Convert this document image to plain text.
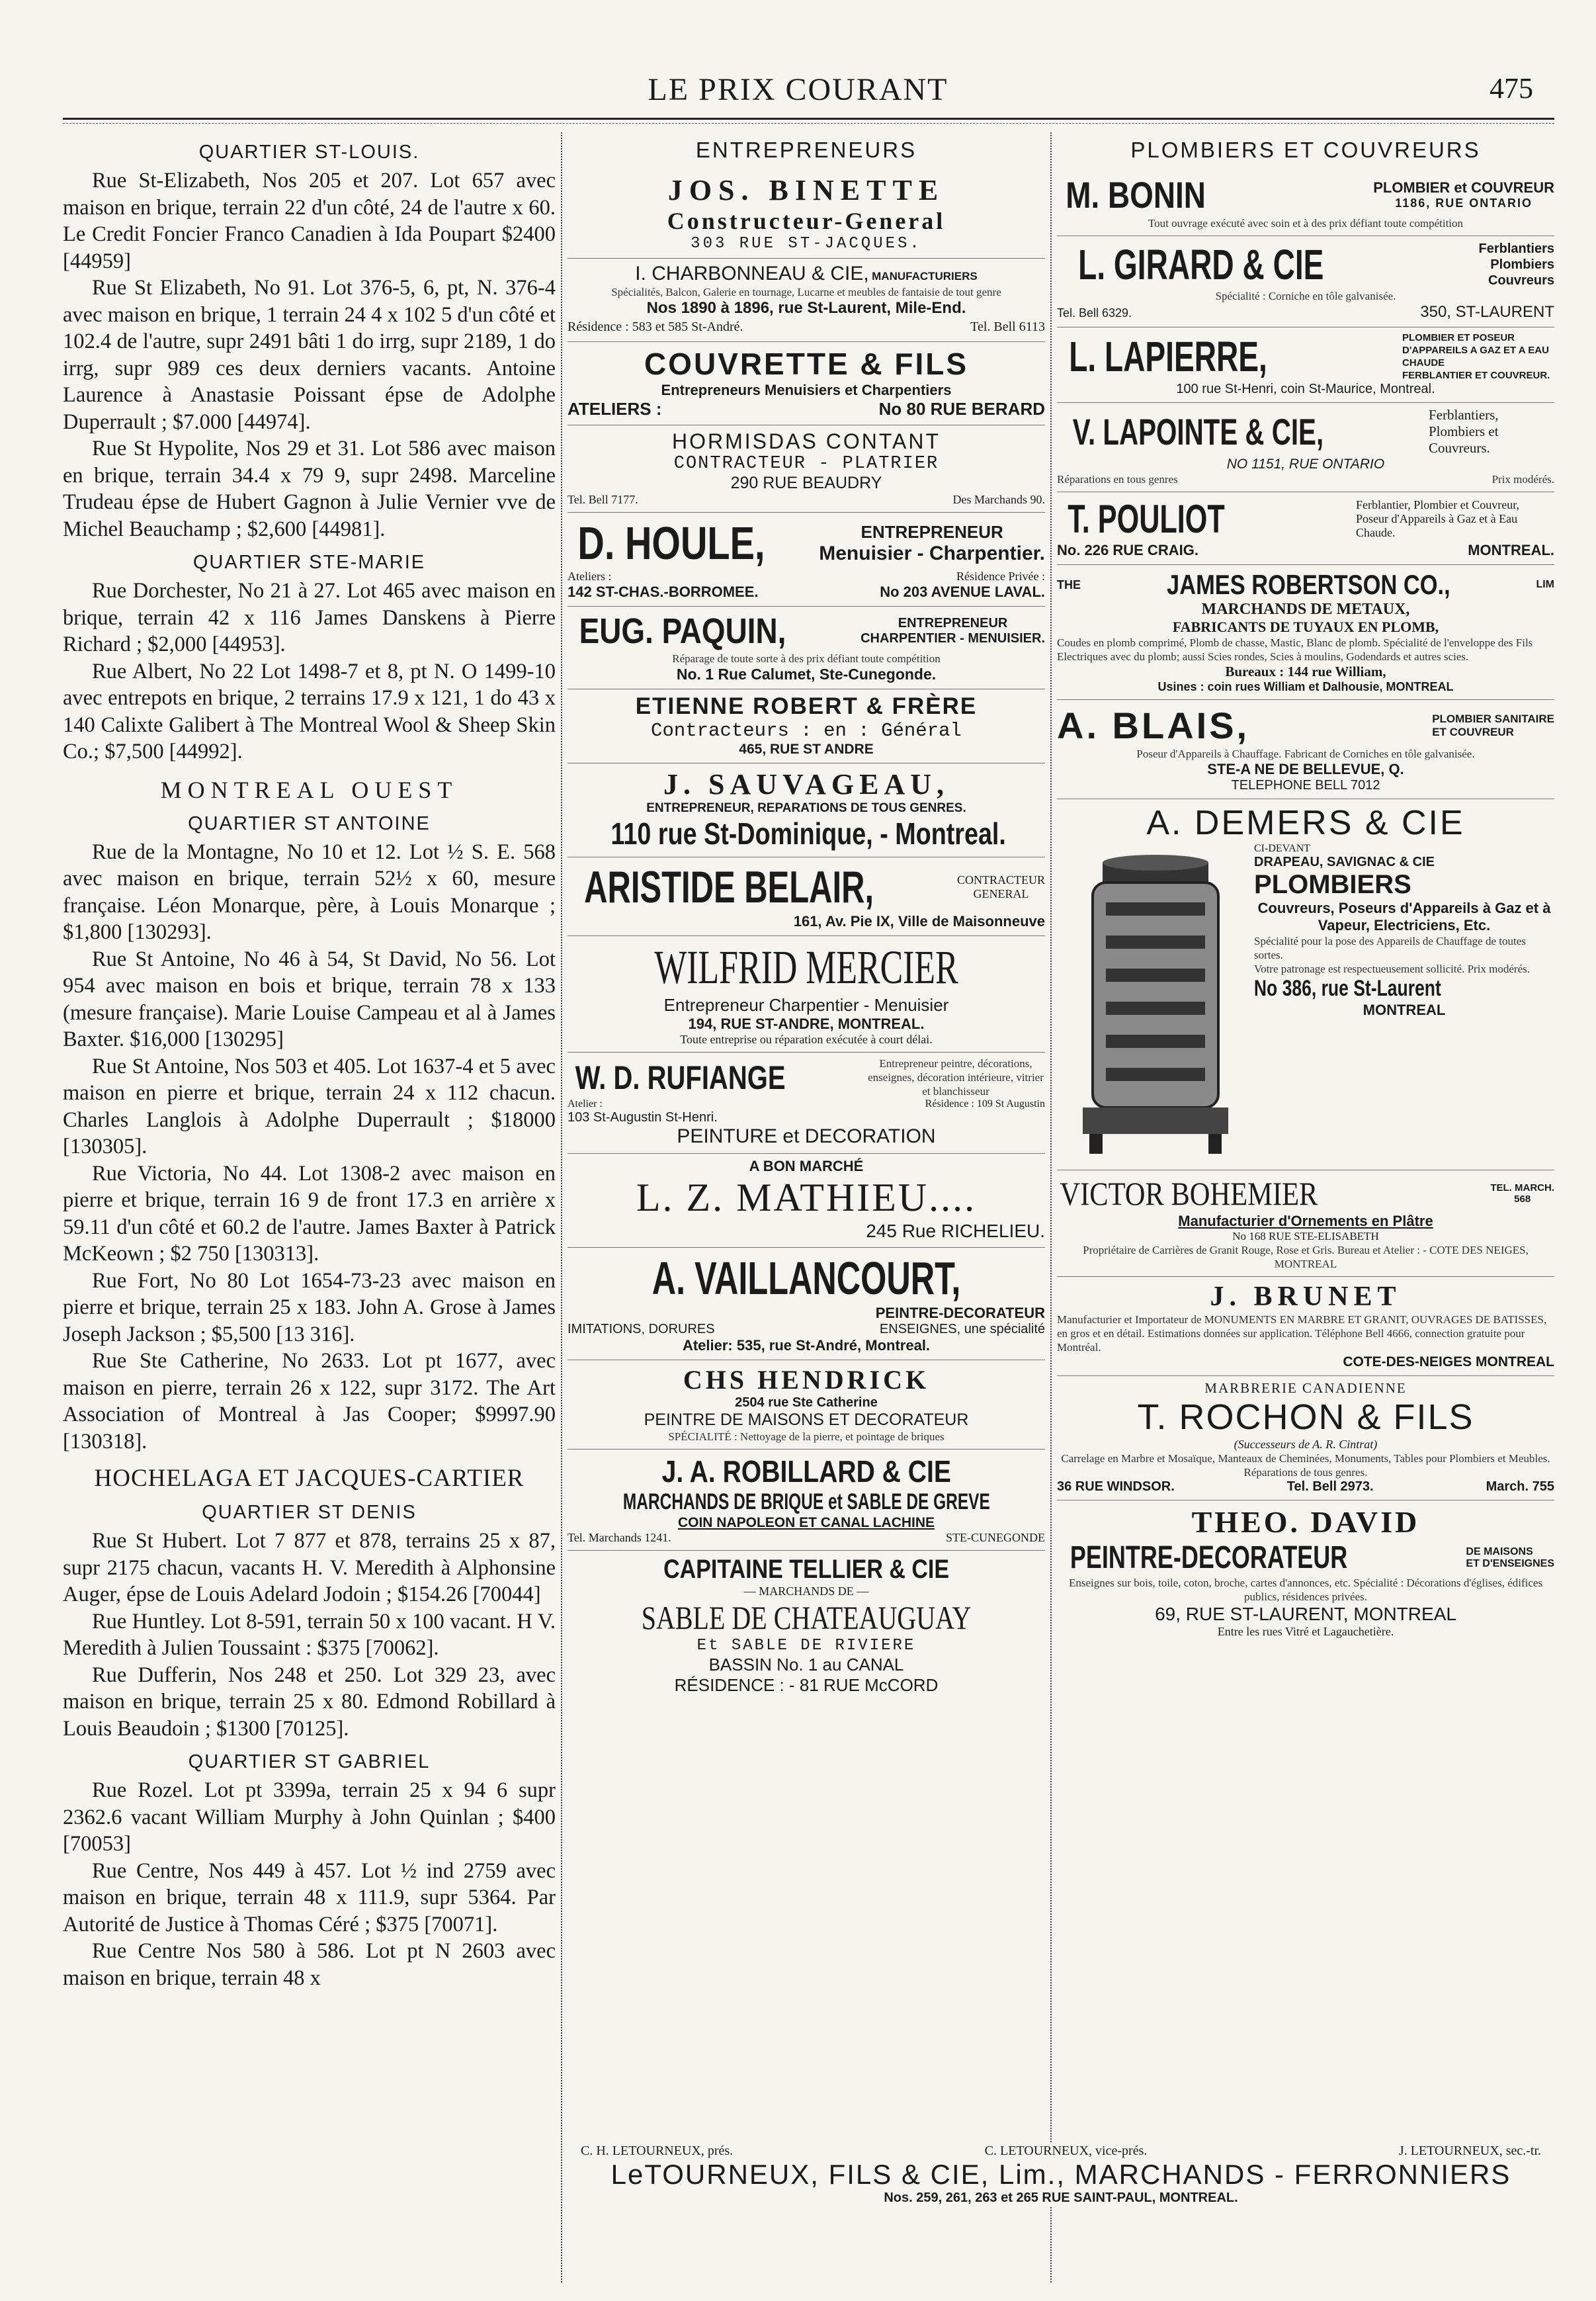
LE PRIX COURANT	475
QUARTIER ST-LOUIS.

Rue St-Elizabeth, Nos 205 et 207. Lot 657 avec maison en brique, terrain 22 d'un côté, 24 de l'autre x 60. Le Credit Foncier Franco Canadien à Ida Poupart $2400 [44959]

Rue St Elizabeth, No 91. Lot 376-5, 6, pt, N. 376-4 avec maison en brique, 1 terrain 24 4 x 102 5 d'un côté et 102.4 de l'autre, supr 2491 bâti 1 do irrg, supr 2189, 1 do irrg, supr 989 ces deux derniers vacants. Antoine Laurence à Anastasie Poissant épse de Adolphe Duperrault ; $7.000 [44974].

Rue St Hypolite, Nos 29 et 31. Lot 586 avec maison en brique, terrain 34.4 x 79 9, supr 2498. Marceline Trudeau épse de Hubert Gagnon à Julie Vernier vve de Michel Beauchamp ; $2,600 [44981].

QUARTIER STE-MARIE

Rue Dorchester, No 21 à 27. Lot 465 avec maison en brique, terrain 42 x 116 James Danskens à Pierre Richard ; $2,000 [44953].

Rue Albert, No 22 Lot 1498-7 et 8, pt N. O 1499-10 avec entrepots en brique, 2 terrains 17.9 x 121, 1 do 43 x 140 Calixte Galibert à The Montreal Wool & Sheep Skin Co.; $7,500 [44992].

MONTREAL OUEST
QUARTIER ST ANTOINE

Rue de la Montagne, No 10 et 12. Lot ½ S. E. 568 avec maison en brique, terrain 52½ x 60, mesure française. Léon Monarque, père, à Louis Monarque ; $1,800 [130293].

Rue St Antoine, No 46 à 54, St David, No 56. Lot 954 avec maison en bois et brique, terrain 78 x 133 (mesure française). Marie Louise Campeau et al à James Baxter. $16,000 [130295]

Rue St Antoine, Nos 503 et 405. Lot 1637-4 et 5 avec maison en pierre et brique, terrain 24 x 112 chacun. Charles Langlois à Adolphe Duperrault ; $18000 [130305].

Rue Victoria, No 44. Lot 1308-2 avec maison en pierre et brique, terrain 16 9 de front 17.3 en arrière x 59.11 d'un côté et 60.2 de l'autre. James Baxter à Patrick McKeown ; $2 750 [130313].

Rue Fort, No 80 Lot 1654-73-23 avec maison en pierre et brique, terrain 25 x 183. John A. Grose à James Joseph Jackson ; $5,500 [13 316].

Rue Ste Catherine, No 2633. Lot pt 1677, avec maison en pierre, terrain 26 x 122, supr 3172. The Art Association of Montreal à Jas Cooper; $9997.90 [130318].

HOCHELAGA ET JACQUES-CARTIER
QUARTIER ST DENIS

Rue St Hubert. Lot 7 877 et 878, terrains 25 x 87, supr 2175 chacun, vacants H. V. Meredith à Alphonsine Auger, épse de Louis Adelard Jodoin ; $154.26 [70044]

Rue Huntley. Lot 8-591, terrain 50 x 100 vacant. H V. Meredith à Julien Toussaint : $375 [70062].

Rue Dufferin, Nos 248 et 250. Lot 329 23, avec maison en brique, terrain 25 x 80. Edmond Robillard à Louis Beaudoin ; $1300 [70125].

QUARTIER ST GABRIEL

Rue Rozel. Lot pt 3399a, terrain 25 x 94 6 supr 2362.6 vacant William Murphy à John Quinlan ; $400 [70053]

Rue Centre, Nos 449 à 457. Lot ½ ind 2759 avec maison en brique, terrain 48 x 111.9, supr 5364. Par Autorité de Justice à Thomas Céré ; $375 [70071].

Rue Centre Nos 580 à 586. Lot pt N 2603 avec maison en brique, terrain 48 x

ENTREPRENEURS
JOS. BINETTE
Constructeur-General
303 RUE ST-JACQUES.
I. CHARBONNEAU & CIE, MANUFACTURIERS
Spécialités, Balcon, Galerie en tournage, Lucarne et meubles de fantaisie de tout genre
Nos 1890 à 1896, rue St-Laurent, Mile-End.
Résidence : 583 et 585 St-André.	Tel. Bell 6113
COUVRETTE & FILS
Entrepreneurs Menuisiers et Charpentiers
ATELIERS :	No 80 RUE BERARD
HORMISDAS CONTANT
CONTRACTEUR - PLATRIER
290 RUE BEAUDRY
Tel. Bell 7177.	Des Marchands 90.
D. HOULE,	ENTREPRENEUR
Menuisier - Charpentier.
Ateliers :	Résidence Privée :
142 ST-CHAS.-BORROMEE.	No 203 AVENUE LAVAL.
EUG. PAQUIN,	ENTREPRENEUR
CHARPENTIER - MENUISIER.
Réparage de toute sorte à des prix défiant toute compétition
No. 1 Rue Calumet, Ste-Cunegonde.
ETIENNE ROBERT & FRÈRE
Contracteurs : en : Général
465, RUE ST ANDRE
J. SAUVAGEAU,
ENTREPRENEUR, REPARATIONS DE TOUS GENRES.
110 rue St-Dominique, - Montreal.
ARISTIDE BELAIR,	CONTRACTEUR
GENERAL
161, Av. Pie IX, Ville de Maisonneuve
WILFRID MERCIER
Entrepreneur Charpentier - Menuisier
194, RUE ST-ANDRE, MONTREAL.
Toute entreprise ou réparation exécutée à court délai.
W. D. RUFIANGE	Entrepreneur peintre, décorations, enseignes, décoration intérieure, vitrier et blanchisseur
Atelier :	Résidence : 109 St Augustin
103 St-Augustin St-Henri.
PEINTURE et DECORATION
A BON MARCHÉ
L. Z. MATHIEU....
245 Rue RICHELIEU.
A. VAILLANCOURT,
PEINTRE-DECORATEUR
IMITATIONS, DORURES	ENSEIGNES, une spécialité
Atelier: 535, rue St-André, Montreal.
CHS HENDRICK
2504 rue Ste Catherine
PEINTRE DE MAISONS ET DECORATEUR
SPÉCIALITÉ : Nettoyage de la pierre, et pointage de briques
J. A. ROBILLARD & CIE MARCHANDS DE BRIQUE et SABLE DE GREVE
COIN NAPOLEON ET CANAL LACHINE
Tel. Marchands 1241.	STE-CUNEGONDE
CAPITAINE TELLIER & CIE
— MARCHANDS DE —
SABLE DE CHATEAUGUAY
Et SABLE DE RIVIERE
BASSIN No. 1 au CANAL
RÉSIDENCE : - 81 RUE McCORD
PLOMBIERS ET COUVREURS
M. BONIN	PLOMBIER et COUVREUR
1186, RUE ONTARIO
Tout ouvrage exécuté avec soin et à des prix défiant toute compétition
L. GIRARD & CIE	Ferblantiers
Plombiers
Couvreurs
Spécialité : Corniche en tôle galvanisée.
Tel. Bell 6329.	350, ST-LAURENT
L. LAPIERRE,	PLOMBIER ET POSEUR D'APPAREILS A GAZ ET A EAU CHAUDE
FERBLANTIER ET COUVREUR.
100 rue St-Henri, coin St-Maurice, Montreal.
V. LAPOINTE & CIE,	Ferblantiers, Plombiers et Couvreurs.
NO 1151, RUE ONTARIO
Réparations en tous genres	Prix modérés.
T. POULIOT	Ferblantier, Plombier et Couvreur, Poseur d'Appareils à Gaz et à Eau Chaude.
No. 226 RUE CRAIG.	MONTREAL.
THE	JAMES ROBERTSON CO.,	LIM
MARCHANDS DE METAUX,
FABRICANTS DE TUYAUX EN PLOMB,
Coudes en plomb comprimé, Plomb de chasse, Mastic, Blanc de plomb. Spécialité de l'enveloppe des Fils Electriques avec du plomb; aussi Scies rondes, Scies à moulins, Godendards et autres scies.
Bureaux : 144 rue William,
Usines : coin rues William et Dalhousie, MONTREAL
A. BLAIS,	PLOMBIER SANITAIRE
ET COUVREUR
Poseur d'Appareils à Chauffage. Fabricant de Corniches en tôle galvanisée.
STE-A NE DE BELLEVUE, Q.
TELEPHONE BELL 7012
A. DEMERS & CIE
CI-DEVANT
DRAPEAU, SAVIGNAC & CIE
PLOMBIERS
Couvreurs, Poseurs d'Appareils à Gaz et à Vapeur, Electriciens, Etc.
Spécialité pour la pose des Appareils de Chauffage de toutes sortes.
Votre patronage est respectueusement sollicité. Prix modérés.
No 386, rue St-Laurent
MONTREAL
VICTOR BOHEMIER	TEL. MARCH.
568
Manufacturier d'Ornements en Plâtre
No 168 RUE STE-ELISABETH
Propriétaire de Carrières de Granit Rouge, Rose et Gris. Bureau et Atelier : - COTE DES NEIGES, MONTREAL
J. BRUNET
Manufacturier et Importateur de MONUMENTS EN MARBRE ET GRANIT, OUVRAGES DE BATISSES, en gros et en détail. Estimations données sur application. Téléphone Bell 4666, connection gratuite pour Montréal.
COTE-DES-NEIGES MONTREAL
MARBRERIE CANADIENNE
T. ROCHON & FILS
(Successeurs de A. R. Cintrat)
Carrelage en Marbre et Mosaïque, Manteaux de Cheminées, Monuments, Tables pour Plombiers et Meubles. Réparations de tous genres.
36 RUE WINDSOR.	Tel. Bell 2973.	March. 755
THEO. DAVID
PEINTRE-DECORATEUR	DE MAISONS
ET D'ENSEIGNES
Enseignes sur bois, toile, coton, broche, cartes d'annonces, etc. Spécialité : Décorations d'églises, édifices publics, résidences privées.
69, RUE ST-LAURENT, MONTREAL
Entre les rues Vitré et Lagauchetière.
C. H. LETOURNEUX, prés.	C. LETOURNEUX, vice-prés.	J. LETOURNEUX, sec.-tr.
LeTOURNEUX, FILS & CIE, Lim., MARCHANDS - FERRONNIERS
Nos. 259, 261, 263 et 265 RUE SAINT-PAUL, MONTREAL.
